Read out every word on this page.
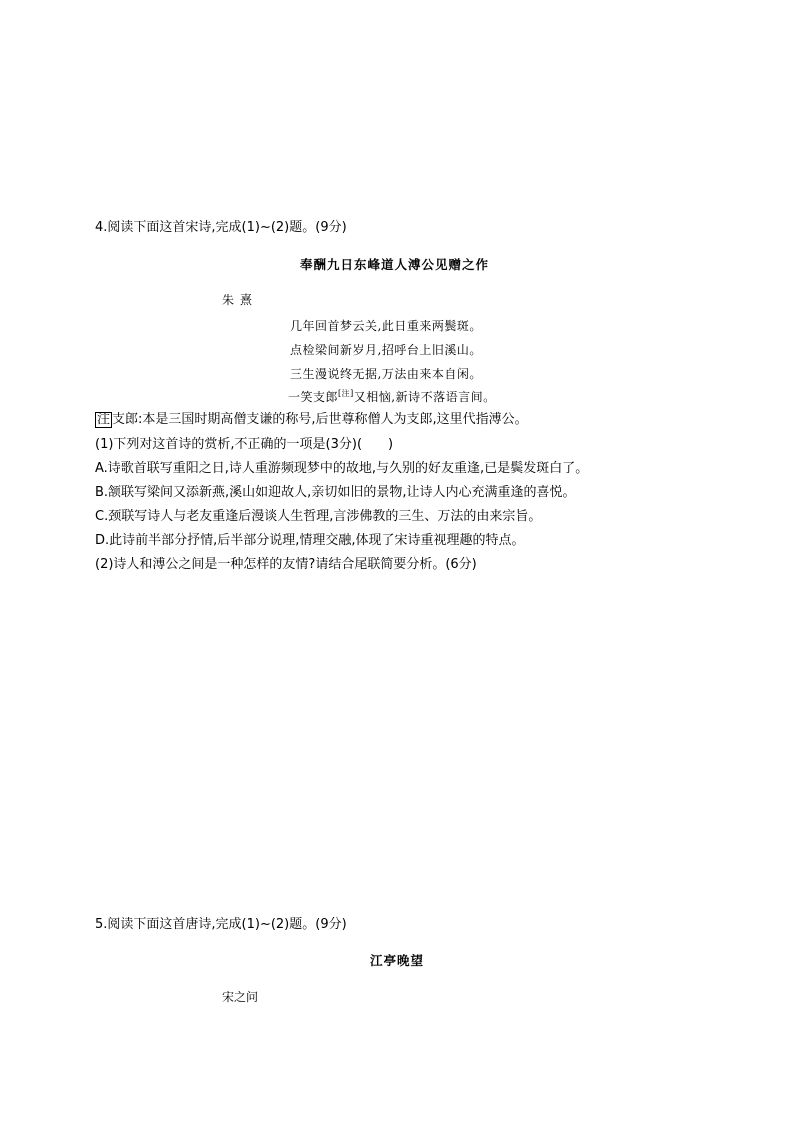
4.阅读下面这首宋诗,完成(1)~(2)题。(9分)
奉酬九日东峰道人溥公见赠之作
朱熹
几年回首梦云关,此日重来两鬓斑。
点检梁间新岁月,招呼台上旧溪山。
三生漫说终无据,万法由来本自闲。
一笑支郎[注]又相恼,新诗不落语言间。
注 支郎:本是三国时期高僧支谦的称号,后世尊称僧人为支郎,这里代指溥公。
(1)下列对这首诗的赏析,不正确的一项是(3分)(　　)
A.诗歌首联写重阳之日,诗人重游频现梦中的故地,与久别的好友重逢,已是鬓发斑白了。
B.颔联写梁间又添新燕,溪山如迎故人,亲切如旧的景物,让诗人内心充满重逢的喜悦。
C.颈联写诗人与老友重逢后漫谈人生哲理,言涉佛教的三生、万法的由来宗旨。
D.此诗前半部分抒情,后半部分说理,情理交融,体现了宋诗重视理趣的特点。
(2)诗人和溥公之间是一种怎样的友情?请结合尾联简要分析。(6分)
5.阅读下面这首唐诗,完成(1)~(2)题。(9分)
江亭晚望
宋之问
